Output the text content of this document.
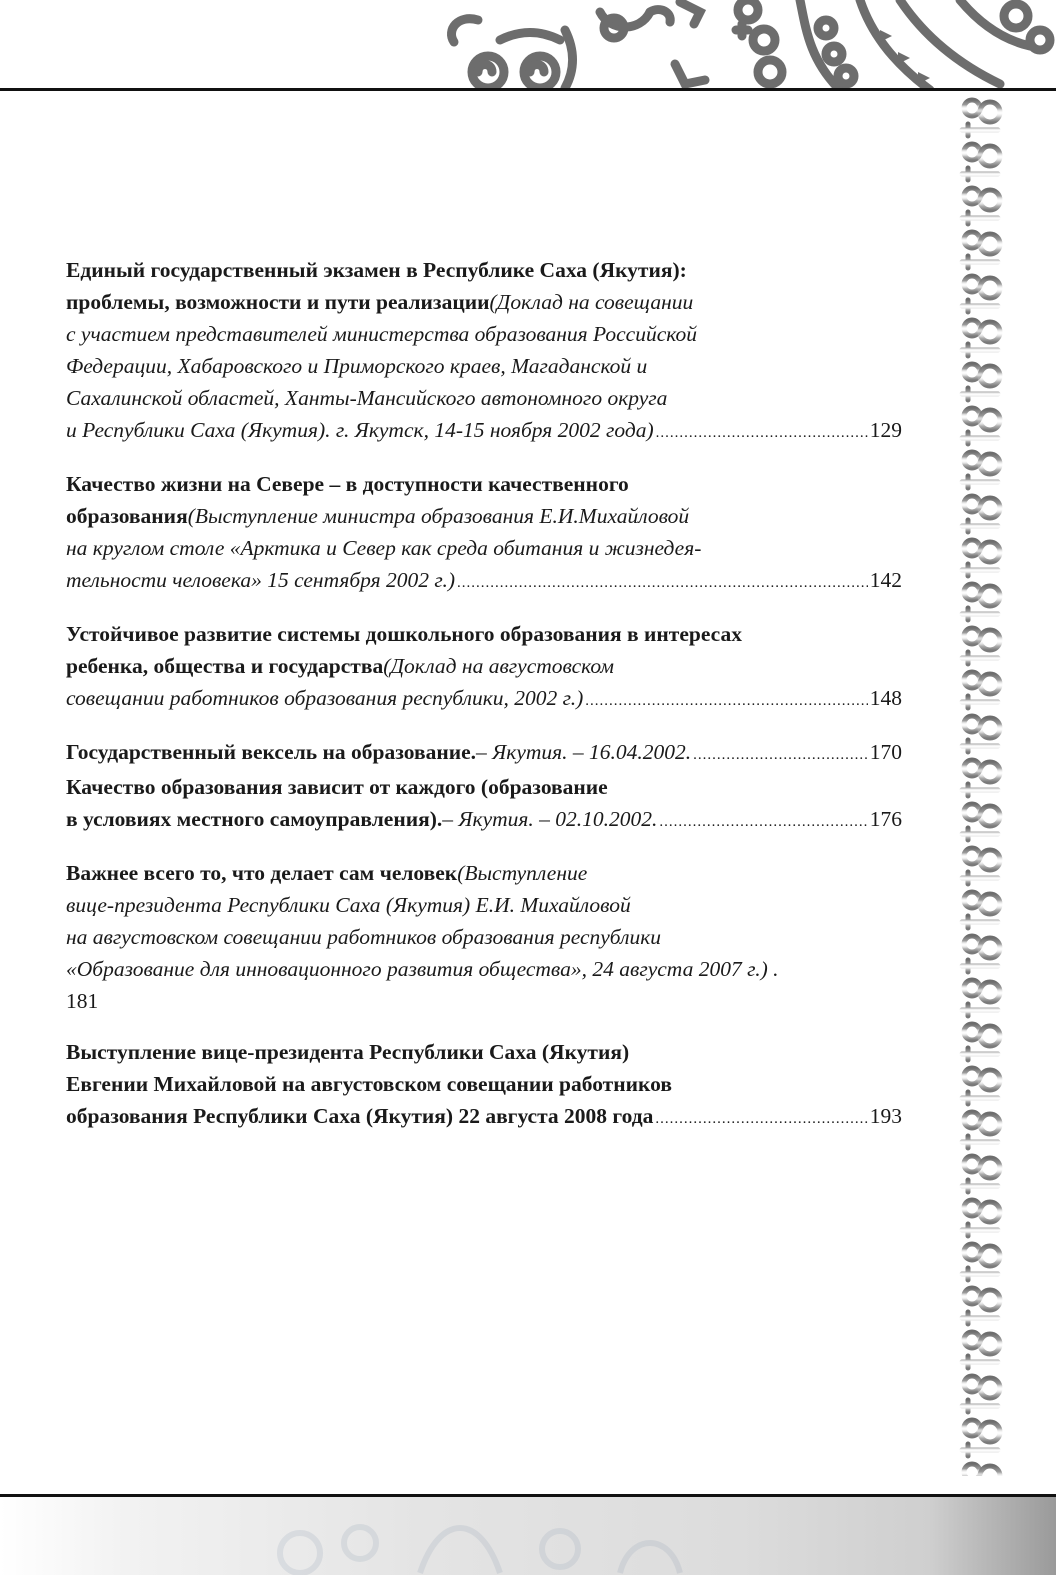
Единый государственный экзамен в Республике Саха (Якутия):
проблемы, возможности и пути реализации (Доклад на совещании
с участием представителей министерства образования Российской
Федерации, Хабаровского и Приморского краев, Магаданской и
Сахалинской областей, Ханты-Мансийского автономного округа
и Республики Саха (Якутия). г. Якутск, 14-15 ноября 2002 года) .....	129
Качество жизни на Севере – в доступности качественного
образования (Выступление министра образования Е.И.Михайловой
на круглом столе «Арктика и Север как среда обитания и жизнедея-
тельности человека» 15 сентября 2002 г.) .....	142
Устойчивое развитие системы дошкольного образования в интересах
ребенка, общества и государства (Доклад на августовском
совещании работников образования республики, 2002 г.) .....	148
Государственный вексель на образование. – Якутия. – 16.04.2002. .....	170
Качество образования зависит от каждого (образование
в условиях местного самоуправления). – Якутия. – 02.10.2002. .....	176
Важнее всего то, что делает сам человек (Выступление
вице-президента Республики Саха (Якутия) Е.И. Михайловой
на августовском совещании работников образования республики
«Образование для инновационного развития общества», 24 августа 2007 г.) .
181
Выступление вице-президента Республики Саха (Якутия)
Евгении Михайловой на августовском совещании работников
образования Республики Саха (Якутия) 22 августа 2008 года .....	193
